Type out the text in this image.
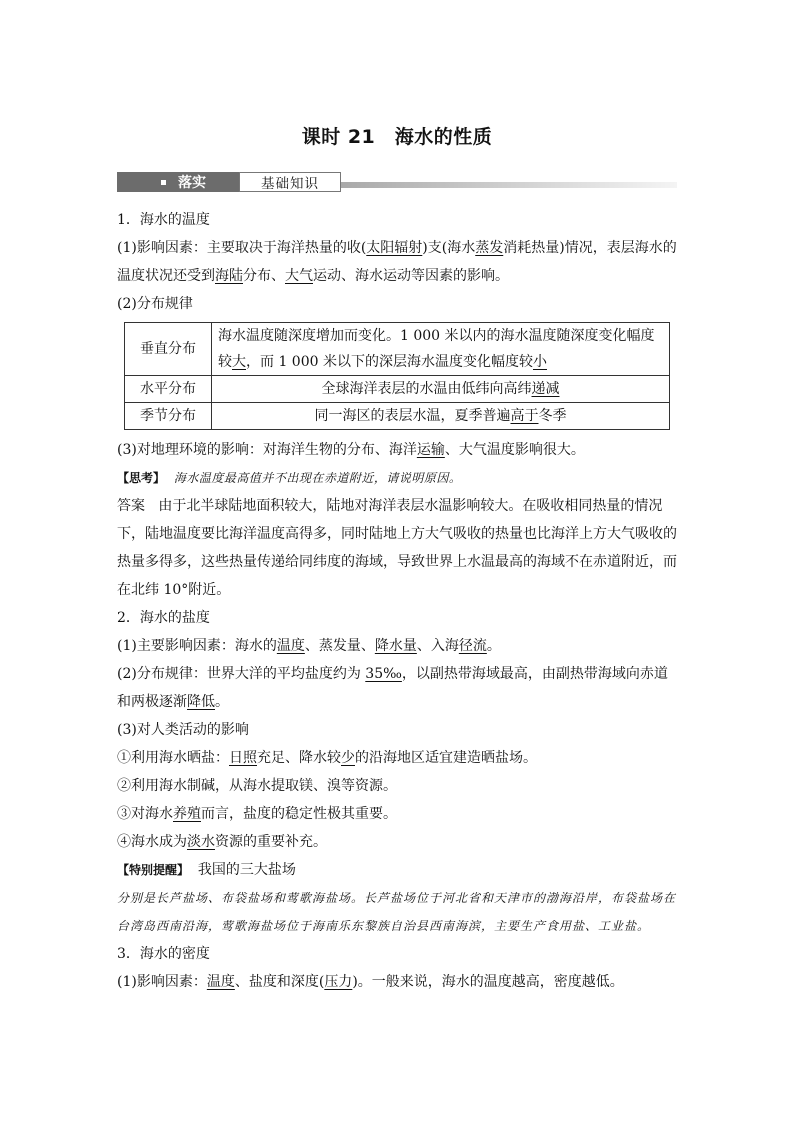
课时 21　海水的性质
落实	基础知识

1．海水的温度

(1)影响因素：主要取决于海洋热量的收(太阳辐射)支(海水蒸发消耗热量)情况，表层海水的温度状况还受到海陆分布、大气运动、海水运动等因素的影响。

(2)分布规律

垂直分布	海水温度随深度增加而变化。1 000 米以内的海水温度随深度变化幅度较大，而 1 000 米以下的深层海水温度变化幅度较小
水平分布	全球海洋表层的水温由低纬向高纬递减
季节分布	同一海区的表层水温，夏季普遍高于冬季

(3)对地理环境的影响：对海洋生物的分布、海洋运输、大气温度影响很大。

【思考】 海水温度最高值并不出现在赤道附近，请说明原因。

答案 由于北半球陆地面积较大，陆地对海洋表层水温影响较大。在吸收相同热量的情况下，陆地温度要比海洋温度高得多，同时陆地上方大气吸收的热量也比海洋上方大气吸收的热量多得多，这些热量传递给同纬度的海域，导致世界上水温最高的海域不在赤道附近，而在北纬 10°附近。

2．海水的盐度

(1)主要影响因素：海水的温度、蒸发量、降水量、入海径流。

(2)分布规律：世界大洋的平均盐度约为 35‰，以副热带海域最高，由副热带海域向赤道和两极逐渐降低。

(3)对人类活动的影响

①利用海水晒盐：日照充足、降水较少的沿海地区适宜建造晒盐场。

②利用海水制碱，从海水提取镁、溴等资源。

③对海水养殖而言，盐度的稳定性极其重要。

④海水成为淡水资源的重要补充。

【特别提醒】 我国的三大盐场

分别是长芦盐场、布袋盐场和莺歌海盐场。长芦盐场位于河北省和天津市的渤海沿岸，布袋盐场在台湾岛西南沿海，莺歌海盐场位于海南乐东黎族自治县西南海滨，主要生产食用盐、工业盐。

3．海水的密度

(1)影响因素：温度、盐度和深度(压力)。一般来说，海水的温度越高，密度越低。
